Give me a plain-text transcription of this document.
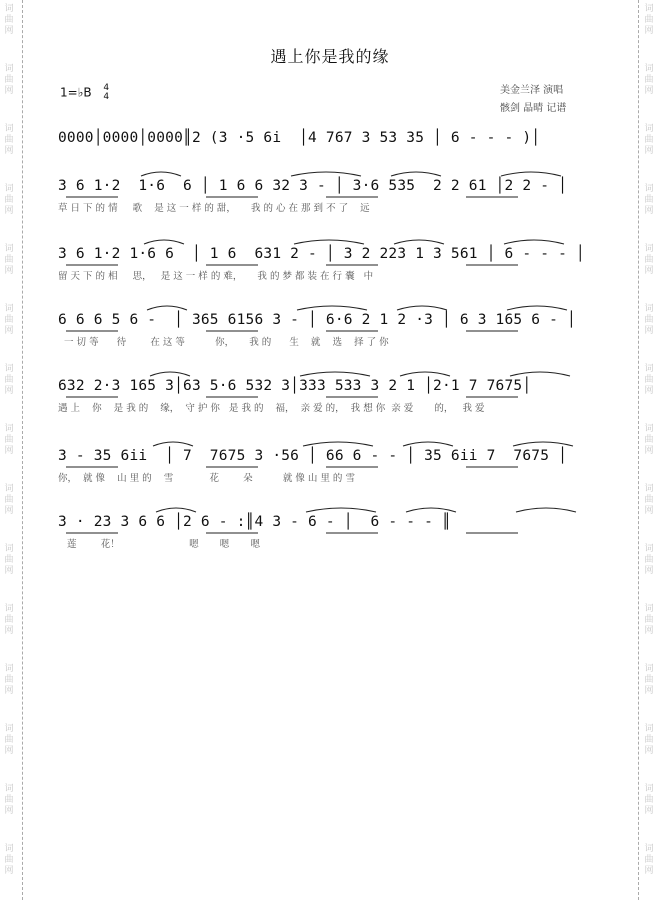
词
曲
网
词
曲
网
词
曲
网
词
曲
网
词
曲
网
词
曲
网
词
曲
网
词
曲
网
词
曲
网
词
曲
网
词
曲
网
词
曲
网
词
曲
网
词
曲
网
词
曲
网
词
曲
网
词
曲
网
词
曲
网
词
曲
网
词
曲
网
词
曲
网
词
曲
网
词
曲
网
词
曲
网
词
曲
网
词
曲
网
词
曲
网
词
曲
网
词
曲
网
词
曲
网
遇上你是我的缘
1=♭B 4
4
美金兰泽 演唱
骸剑 晶晴 记谱
0000│0000│0000║2 (3 ·5 6i  │4 767 3 53 35 │ 6 - - - )│
3 6 1·2  1·6  6 │ 1 6 6 32 3 - │ 3·6 535  2 2 61 │2 2 - │
草 日 下 的 情     歌    是 这 一 样 的 甜，     我 的 心 在 那 到 不 了    远
3 6 1·2 1·6 6  │ 1 6  631 2 - │ 3 2 223 1 3 561 │ 6 - - - │
留 天 下 的 相     思，   是 这 一 样 的 难，     我 的 梦 都 装 在 行 囊   中
6 6 6 5 6 -  │ 365 6156 3 - │ 6·6 2 1 2 ·3 │ 6 3 165 6 - │
一 切 等      待        在 这 等          你，     我 的      生    就    选    择 了 你
632 2·3 165 3│63 5·6 532 3│333 533 3 2 1 │2·1 7 7675│
遇 上    你    是 我 的    缘，  守 护 你   是 我 的    福，  亲 爱 的，  我 想 你  亲 爱       的，   我 爱
3 - 35 6ii  │ 7  7675 3 ·56 │ 66 6 - - │ 35 6ii 7  7675 │
你，  就 像    山 里 的    雪            花        朵          就 像 山 里 的 雪
3 · 23 3 6 6 │2 6 - :║4 3 - 6 - │  6 - - - ║
莲        花！                       嗯       嗯       嗯
